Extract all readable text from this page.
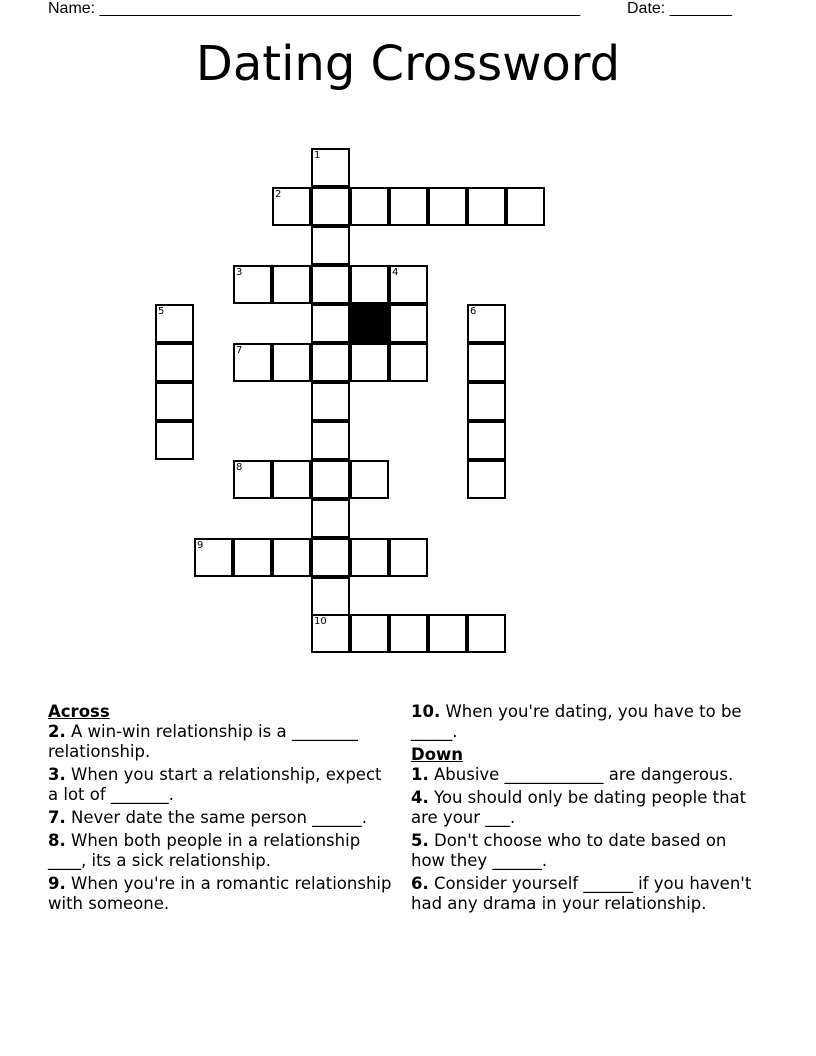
Name: ______________________________________________________	Date: _______
Dating Crossword
1
2
3	4
5	6
7
8
9
10
Across
2. A win-win relationship is a ________ relationship.
3. When you start a relationship, expect a lot of _______.
7. Never date the same person ______.
8. When both people in a relationship ____, its a sick relationship.
9. When you're in a romantic relationship with someone.
10. When you're dating, you have to be _____.
Down
1. Abusive ____________ are dangerous.
4. You should only be dating people that are your ___.
5. Don't choose who to date based on how they ______.
6. Consider yourself ______ if you haven't had any drama in your relationship.
